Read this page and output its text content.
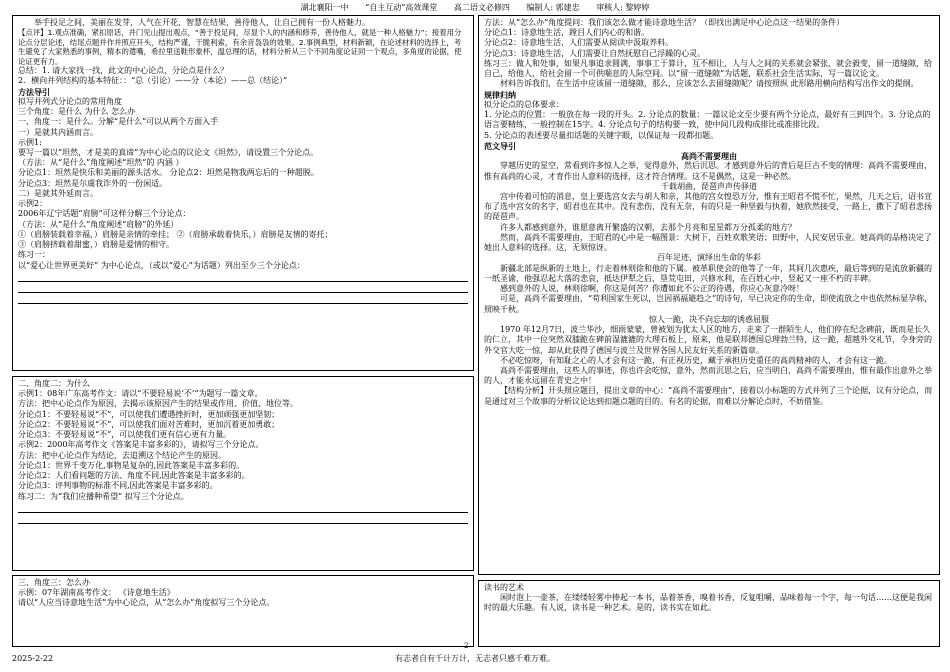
湖北襄阳一中 “自主互动”高效课堂 高二语文必修四 编制人: 郭建忠 审核人: 黎婷婷

举手投足之间，美丽在发芽，人气在开花，智慧在结果，善待他人，让自己拥有一份人格魅力。

【点评】1.观点准确，紧扣原话，并门见山提出观点，“善于投足间，尽显个人的内涵和修养，善待他人，就是一种人格魅力”；接着用分论点分层论述，结尾点题并作并照应开头，结构严谨，干脆利索，有余音袅袅的效果。2.事例典型，材料新颖，在论述材料的选择上，考生避免了大家熟悉的事例，精本的遣嘴，希拉里送鞋形象杯，温总理的话，材料分析从三个不同角度论证同一个观点，多角度的论据，使论证更有力。

总结：1. 请大家找一找，此文的中心论点、分论点是什么？

2．横向并列结构的基本特征：：“总（引论）——分（本论）——总（结论）”

方法导引

拟写并列式分论点的常用角度

三个角度：是什么 为什么 怎么办

一、角度一：是什么。分解“是什么”可以从两个方面入手

一）是就其内涵而言。

示例1:

要写一篇以“坦然，才是美的真谛”为中心论点的议论文《坦然》，请设置三个分论点。

（方法：从“是什么”角度阐述“坦然”的 内涵 ）

分论点1：坦然是快乐和美丽的源头活水。 分论点2：坦然是物我两忘后的一种超脱。

分论点3：坦然是尔虞我诈外的一份闲适。

二）是就其外延而言。

示例2：

2006年辽宁话题“肩膀”可这样分解三个分论点：

（方法：从“是什么”角度阐述“肩膀”的外延）

①（肩膀装载着幸福，）肩膀是亲情的牵挂； ②（肩膀承载着快乐，）肩膀是友情的寄托；

③（肩膀挤载着甜蜜，）肩膀是爱情的相守。

练习一：

以“爱心让世界更美好” 为中心论点，（或以“爱心”为话题）列出至少三个分论点：

二、角度二：为什么

示例1：08年广东高考作文：请以“不要轻易说‘不’”为题写一篇文章。

方法：把中心论点作为原因，去揭示该原因产生的结果或作用、价值、地位等。

分论点1：不要轻易说“不”，可以使我们遭遇挫折时，更加顽强更加坚韧；

分论点2：不要轻易说“不”，可以使我们面对苦难时，更加沉着更加勇敢；

分论点3：不要轻易说“不”，可以使我们更有信心更有力量。

示例2：2000年高考作文《答案是丰富多彩的》，请拟写三个分论点。

方法：把中心论点作为结论，去追溯这个结论产生的原因。

分论点1：世界千变万化,事物是复杂的,因此答案是丰富多彩的。

分论点2：人们看问题的方法、角度不同,因此答案是丰富多彩的。

分论点3：评判事物的标准不同,因此答案是丰富多彩的。

练习二：为“我们应播种希望” 拟写三个分论点。

三、角度三：怎么办

示例：07年湖南高考作文： 《诗意地生活》

请以“人应当诗意地生活”为中心论点，从“怎么办”角度拟写三个分论点。

方法：从“怎么办”角度提问：我们该怎么做才能诗意地生活？（即找出满足中心论点这一结果的条件）

分论点1：诗意地生活，蹚目人们内心的和谐。

分论点2：诗意地生活，人们需要从阅读中汲取养料。

分论点3：诗意地生活，人们需要让自然抚慰自己浮躁的心灵。

练习三：做人和处事，如果凡事追求圆满，事事工于算计，互不相让，人与人之间的关系就会紧张，就会毅变，留一道缝隙，给自己，给他人，给社会留一个可供喘息的人际空间。以“留一道缝隙”为话题，联系社会生活实际，写一篇议论文。

材料告诉我们，在生活中应该留一道缝隙，那么，应该怎么去留缝隙呢？请按照纵 此形路用横向结构写出作文的提纲。

规律归纳

拟分论点的总体要求：

1. 分论点的位置：一般放在每一段的开头。2. 分论点的数量：一篇议论文至少要有两个分论点，最好有三到四个。3. 分论点的语言要精练，一般控制在15字。4. 分论点句子的结构要一致，使中间几段构成排比或准排比段。

5. 分论点的表述要尽量扣话题的关键字眼，以保证每一段都扣题。

范文导引

高尚不需要理由

穿越历史的星空，常看到许多惊人之举，觉得意外，然后沉思。才感到意外后的背后是巨古不变的情理：高尚不需要理由，惟有高尚的心灵，才育作出人意料的选择，这才符合情理。这不是偶然，这是一种必然。

千载胡曲，琵琶声声传驿道

宫中传着可怕的消息，皇上要选宫女去与胡人和亲，其他的宫女惶恐万分，惟有王昭君不慌不忙，果然，几天之后，诏书宣布了选中宫女的名字，昭君也在其中。没有悲伤，没有无奈，有的只是一种坚毅与执着，她欣然接受，一路上，撒下了昭君悲扬的琵琶声。

许多人都感到意外，谁愿意离开繁盛的汉朝，去那个月亮和星星都万分孤柔的地方？

然而，高尚不需要理由，王昭君的心中是一幅图景：大树下，百姓欢歌笑语；田野中，人民安居乐业。她高尚的品格决定了她出人意料的选择。这，无须惊讶。

百年足迹，演绎出生命的华彩

新疆北部是纵新的土地上，行走着林则徐和他的下属。被革职使会的他等了一年，其间几次惠疾，最后等到的是流放新疆的一纸圣谕，他强忍起大落的悲哀，抵达伊犁之后，垦荒屯田，兴修水利，在百姓心中，竖起又一座不朽的丰碑。

感到意外的人说，林则徐啊，你这是何苦？你遭如此不公正的待遇，你应心灰意冷呀！

可是，高尚不需要理由，“苟利国家生死以，岂因祸福避趋之”的诗句，早已决定你的生命，即使流放之中也依然标显孕称，照映千秋。

惊人一跪，决不向忘却的诱惑屈服

1970 年12月7日，波兰华沙，细雨蒙蒙，曾被划为犹太人区的地方，走来了一群陌生人，他们停在纪念碑前，既而是长久的仁立，其中一位突然双膝跪在碑前湿漉漉的大理石板上，原来，他是联邦德国总理勃兰特，这一跪，超越外交礼节，令身旁的外交官大吃一惊，却从此获得了德国与波兰及世界各国人民友好关系的新篇章。

不必吃惊呀，有知耻之心的人才会有这一跪，有正视历史，藏于承担历史重任的高尚精神的人，才会有这一跪。

高尚不需要理由，这些人的事迹，你也许会吃惊，意外，然而沉思之后，应当明白，高尚不需要理由，惟有最作出意外之举的人，才能永远留在青史之中！

【结构分析】开头照应题目，提出文章的中心：“高尚不需要理由”，接着以小标题的方式并列了三个论据，议有分论点，而是通过对三个故事的分析议论达到扣题点题的目的。有名的论据，而难以分解论点时，不妨借鉴。

读书的艺术

闲时泡上一壶茶，在缕缕轻雾中捧起一本书，品着茶香，嗅着书香，反复咀嚼，品味着每一个字，每一句话……这便是我闲时的最大乐趣。有人说，读书是一种艺术。是的，读书实在如此。

2025-2-22
2
有志者自有千计万计，无志者只感千难万难。
